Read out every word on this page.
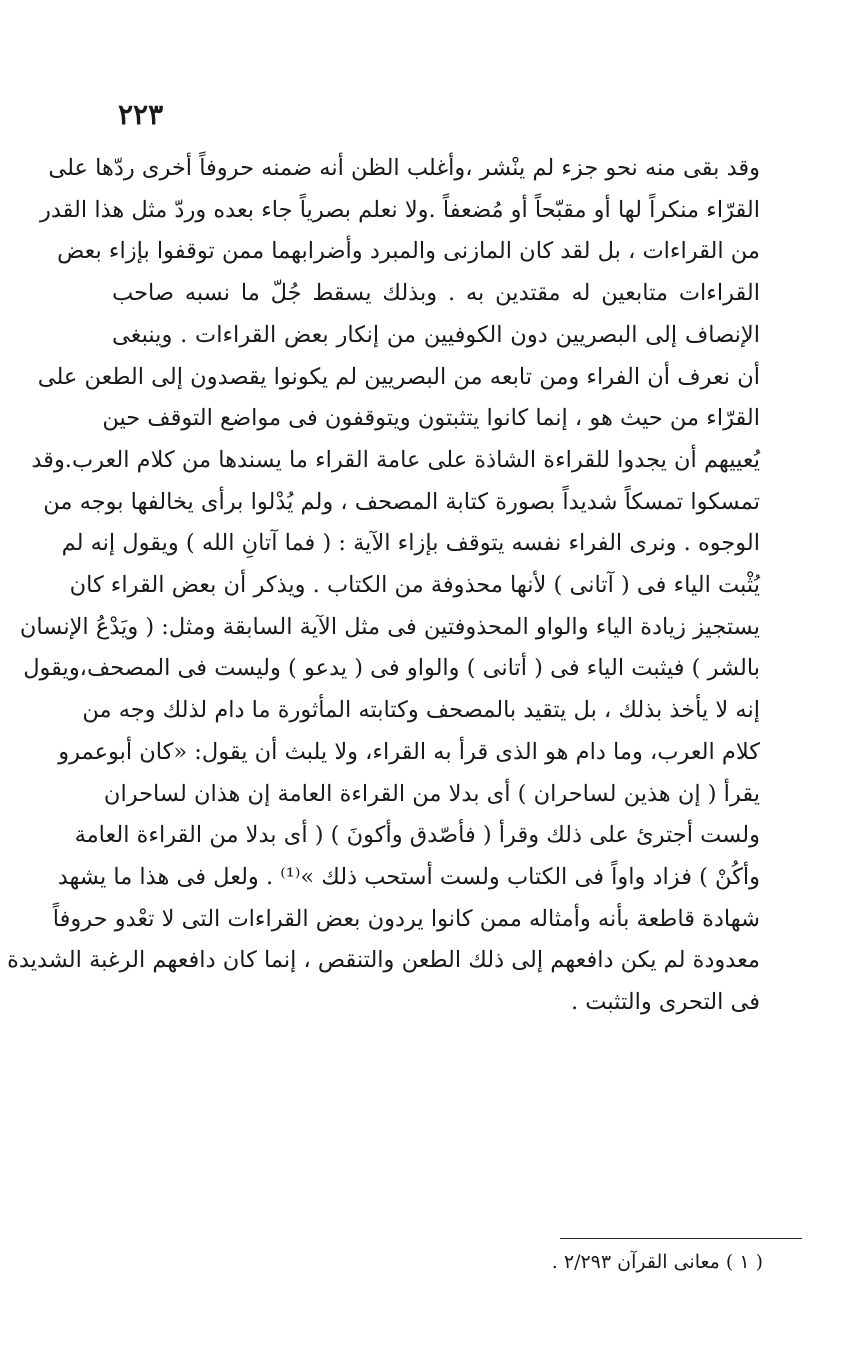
٢٢٣
وقد بقى منه نحو جزء لم ينْشر ،وأغلب الظن أنه ضمنه حروفاً أخرى ردّها على
القرّاء منكراً لها أو مقبّحاً أو مُضعفاً .ولا نعلم بصرياً جاء بعده وردّ مثل هذا القدر
من القراءات ، بل لقد كان المازنى والمبرد وأضرابهما ممن توقفوا بإزاء بعض
القراءات متابعين له مقتدين به . وبذلك يسقط جُلّ ما نسبه صاحب
الإنصاف إلى البصريين دون الكوفيين من إنكار بعض القراءات . وينبغى
أن نعرف أن الفراء ومن تابعه من البصريين لم يكونوا يقصدون إلى الطعن على
القرّاء من حيث هو ، إنما كانوا يتثبتون ويتوقفون فى مواضع التوقف حين
يُعييهم أن يجدوا للقراءة الشاذة على عامة القراء ما يسندها من كلام العرب.وقد
تمسكوا تمسكاً شديداً بصورة كتابة المصحف ، ولم يُدْلوا برأى يخالفها بوجه من
الوجوه . ونرى الفراء نفسه يتوقف بإزاء الآية : ( فما آتانِ الله ) ويقول إنه لم
يُثْبت الياء فى ( آتانى ) لأنها محذوفة من الكتاب . ويذكر أن بعض القراء كان
يستجيز زيادة الياء والواو المحذوفتين فى مثل الآية السابقة ومثل: ( ويَدْعُ الإنسان
بالشر ) فيثبت الياء فى ( أتانى ) والواو فى ( يدعو ) وليست فى المصحف،ويقول
إنه لا يأخذ بذلك ، بل يتقيد بالمصحف وكتابته المأثورة ما دام لذلك وجه من
كلام العرب، وما دام هو الذى قرأ به القراء، ولا يلبث أن يقول: «كان أبوعمرو
يقرأ ( إن هذين لساحران ) أى بدلا من القراءة العامة إن هذان لساحران
ولست أجترئ على ذلك وقرأ ( فأصّدق وأكونَ ) ( أى بدلا من القراءة العامة
وأكُنْ ) فزاد واواً فى الكتاب ولست أستحب ذلك »⁽¹⁾ . ولعل فى هذا ما يشهد
شهادة قاطعة بأنه وأمثاله ممن كانوا يردون بعض القراءات التى لا تعْدو حروفاً
معدودة لم يكن دافعهم إلى ذلك الطعن والتنقص ، إنما كان دافعهم الرغبة الشديدة
فى التحرى والتثبت .
( ١ ) معانى القرآن ٢/٢٩٣ .
